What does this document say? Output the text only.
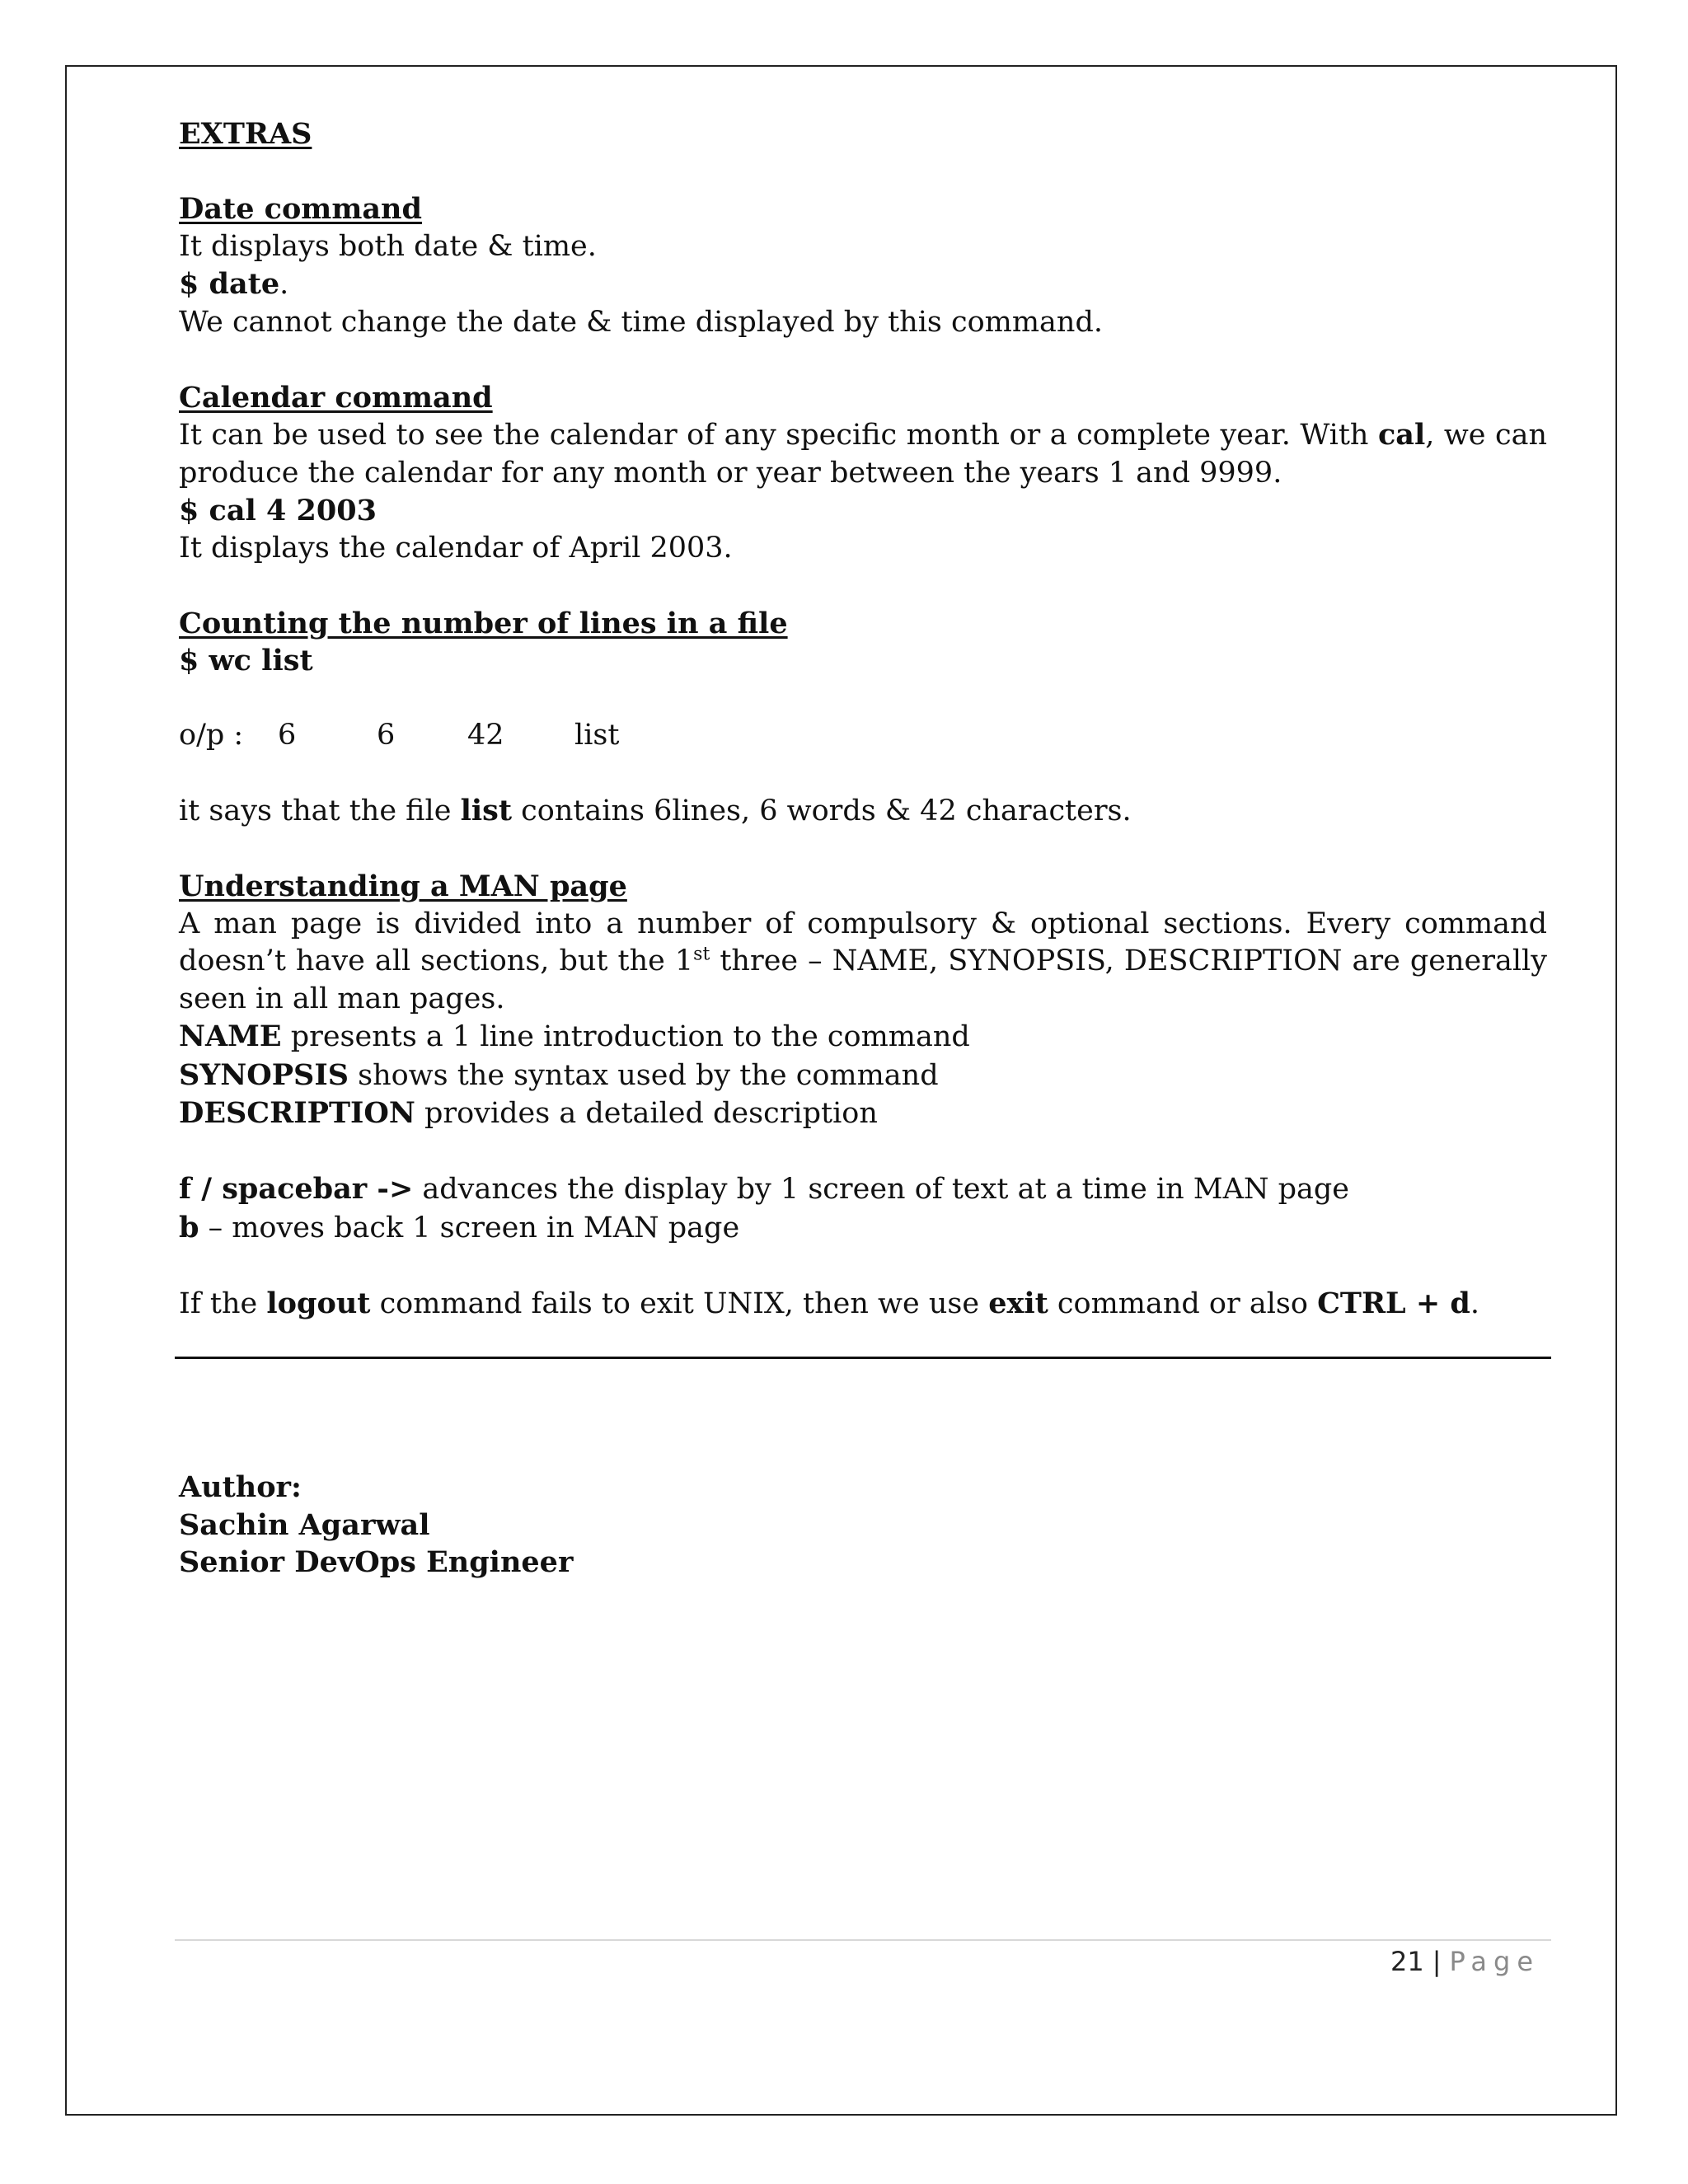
EXTRAS
Date command
It displays both date & time.
$ date.
We cannot change the date & time displayed by this command.
Calendar command
It can be used to see the calendar of any specific month or a complete year. With cal, we can produce the calendar for any month or year between the years 1 and 9999.
$ cal 4 2003
It displays the calendar of April 2003.
Counting the number of lines in a file
$ wc list
o/p : 6	6	42 list
it says that the file list contains 6lines, 6 words & 42 characters.
Understanding a MAN page
A man page is divided into a number of compulsory & optional sections. Every command doesn’t have all sections, but the 1st three – NAME, SYNOPSIS, DESCRIPTION are generally seen in all man pages.
NAME presents a 1 line introduction to the command
SYNOPSIS shows the syntax used by the command
DESCRIPTION provides a detailed description
f / spacebar -> advances the display by 1 screen of text at a time in MAN page
b – moves back 1 screen in MAN page
If the logout command fails to exit UNIX, then we use exit command or also CTRL + d.
Author:
Sachin Agarwal
Senior DevOps Engineer
21 | Page
